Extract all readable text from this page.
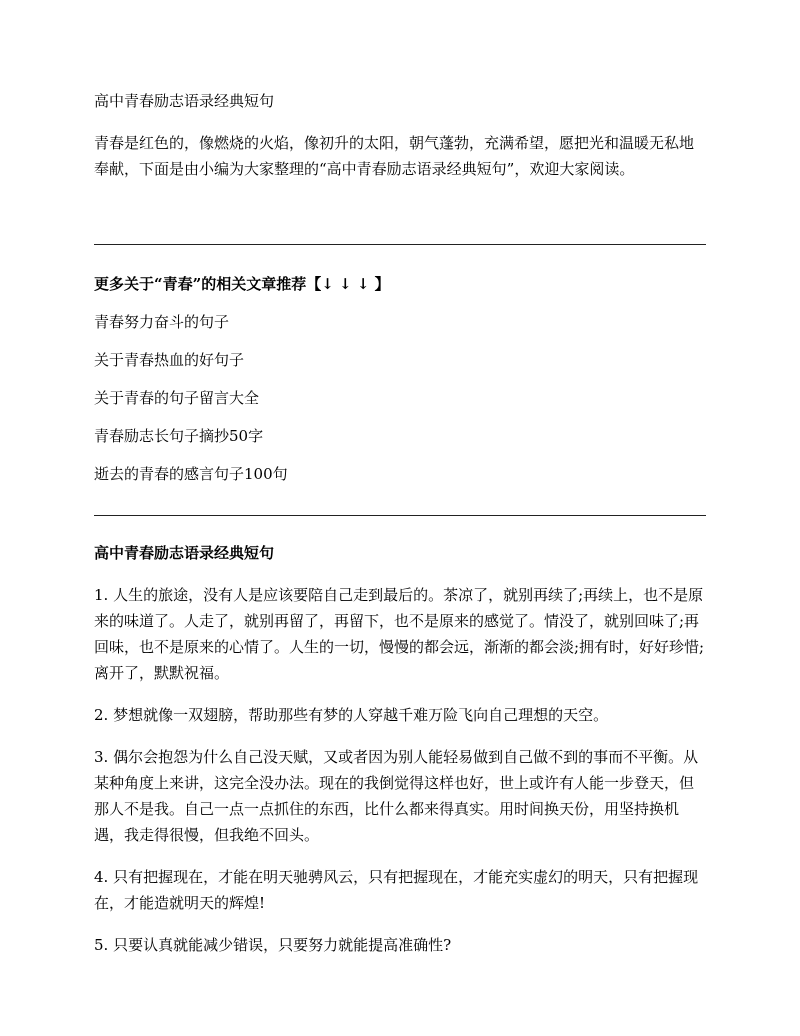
高中青春励志语录经典短句

青春是红色的，像燃烧的火焰，像初升的太阳，朝气蓬勃，充满希望，愿把光和温暖无私地奉献，下面是由小编为大家整理的“高中青春励志语录经典短句”，欢迎大家阅读。

更多关于“青春”的相关文章推荐【↓ ↓ ↓ 】

青春努力奋斗的句子

关于青春热血的好句子

关于青春的句子留言大全

青春励志长句子摘抄50字

逝去的青春的感言句子100句

高中青春励志语录经典短句

1. 人生的旅途，没有人是应该要陪自己走到最后的。茶凉了，就别再续了;再续上，也不是原来的味道了。人走了，就别再留了，再留下，也不是原来的感觉了。情没了，就别回味了;再回味，也不是原来的心情了。人生的一切，慢慢的都会远，渐渐的都会淡;拥有时，好好珍惜;离开了，默默祝福。

2. 梦想就像一双翅膀，帮助那些有梦的人穿越千难万险飞向自己理想的天空。

3. 偶尔会抱怨为什么自己没天赋，又或者因为别人能轻易做到自己做不到的事而不平衡。从某种角度上来讲，这完全没办法。现在的我倒觉得这样也好，世上或许有人能一步登天，但那人不是我。自己一点一点抓住的东西，比什么都来得真实。用时间换天份，用坚持换机遇，我走得很慢，但我绝不回头。

4. 只有把握现在，才能在明天驰骋风云，只有把握现在，才能充实虚幻的明天，只有把握现在，才能造就明天的辉煌!

5. 只要认真就能减少错误，只要努力就能提高准确性?
